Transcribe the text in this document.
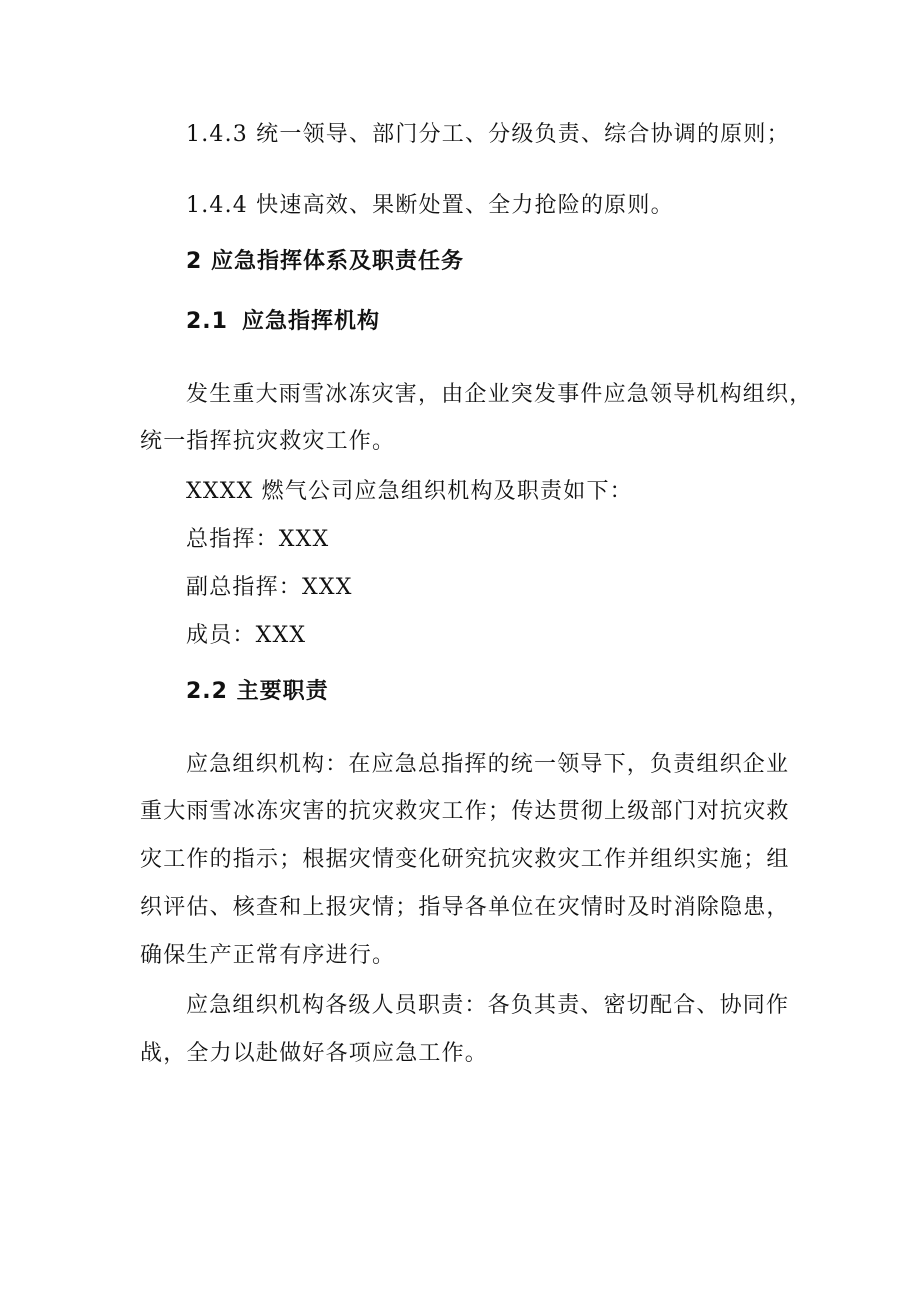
1.4.3 统一领导、部门分工、分级负责、综合协调的原则；
1.4.4 快速高效、果断处置、全力抢险的原则。
2 应急指挥体系及职责任务
2.1 应急指挥机构
发生重大雨雪冰冻灾害，由企业突发事件应急领导机构组织，
统一指挥抗灾救灾工作。
XXXX 燃气公司应急组织机构及职责如下：
总指挥：XXX
副总指挥：XXX
成员：XXX
2.2 主要职责
应急组织机构：在应急总指挥的统一领导下，负责组织企业
重大雨雪冰冻灾害的抗灾救灾工作；传达贯彻上级部门对抗灾救
灾工作的指示；根据灾情变化研究抗灾救灾工作并组织实施；组
织评估、核查和上报灾情；指导各单位在灾情时及时消除隐患，
确保生产正常有序进行。
应急组织机构各级人员职责：各负其责、密切配合、协同作
战，全力以赴做好各项应急工作。
